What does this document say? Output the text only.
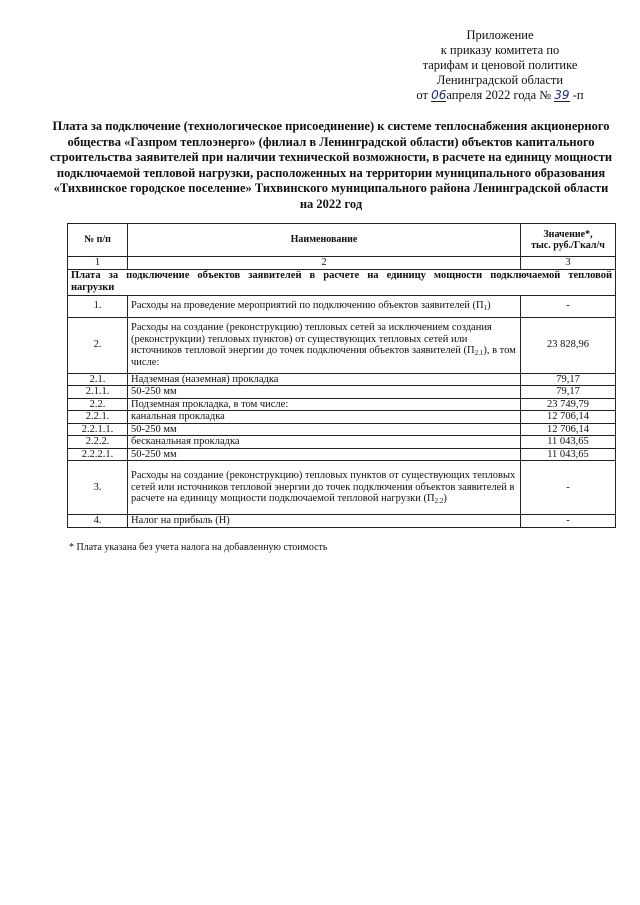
Приложение
к приказу комитета по
тарифам и ценовой политике
Ленинградской области
от 06апреля 2022 года № 39 -п
Плата за подключение (технологическое присоединение) к системе теплоснабжения акционерного общества «Газпром теплоэнерго» (филиал в Ленинградской области) объектов капитального строительства заявителей при наличии технической возможности, в расчете на единицу мощности подключаемой тепловой нагрузки, расположенных на территории муниципального образования «Тихвинское городское поселение» Тихвинского муниципального района Ленинградской области на 2022 год
№ п/п	Наименование	Значение*,
тыс. руб./Гкал/ч
1	2	3

Плата за подключение объектов заявителей в расчете на единицу мощности подключаемой тепловой
нагрузки		

1.	Расходы на проведение мероприятий по подключению объектов заявителей $(П_1)$	-
2.	Расходы на создание (реконструкцию) тепловых сетей за исключением создания (реконструкции) тепловых пунктов) от существующих тепловых сетей или источников тепловой энергии до точек подключения объектов заявителей $(П_{2.1})$, в том числе:	23 828,96
2.1.	Надземная (наземная) прокладка	79,17
2.1.1.	50-250 мм	79,17
2.2.	Подземная прокладка, в том числе:	23 749,79
2.2.1.	канальная прокладка	12 706,14
2.2.1.1.	50-250 мм	12 706,14
2.2.2.	бесканальная прокладка	11 043,65
2.2.2.1.	50-250 мм	11 043,65
3.	Расходы на создание (реконструкцию) тепловых пунктов от существующих тепловых сетей или источников тепловой энергии до точек подключения объектов заявителей в расчете на единицу мощности подключаемой тепловой нагрузки $(П_{2.2})$	-
4.	Налог на прибыль (Н)	-
* Плата указана без учета налога на добавленную стоимость
